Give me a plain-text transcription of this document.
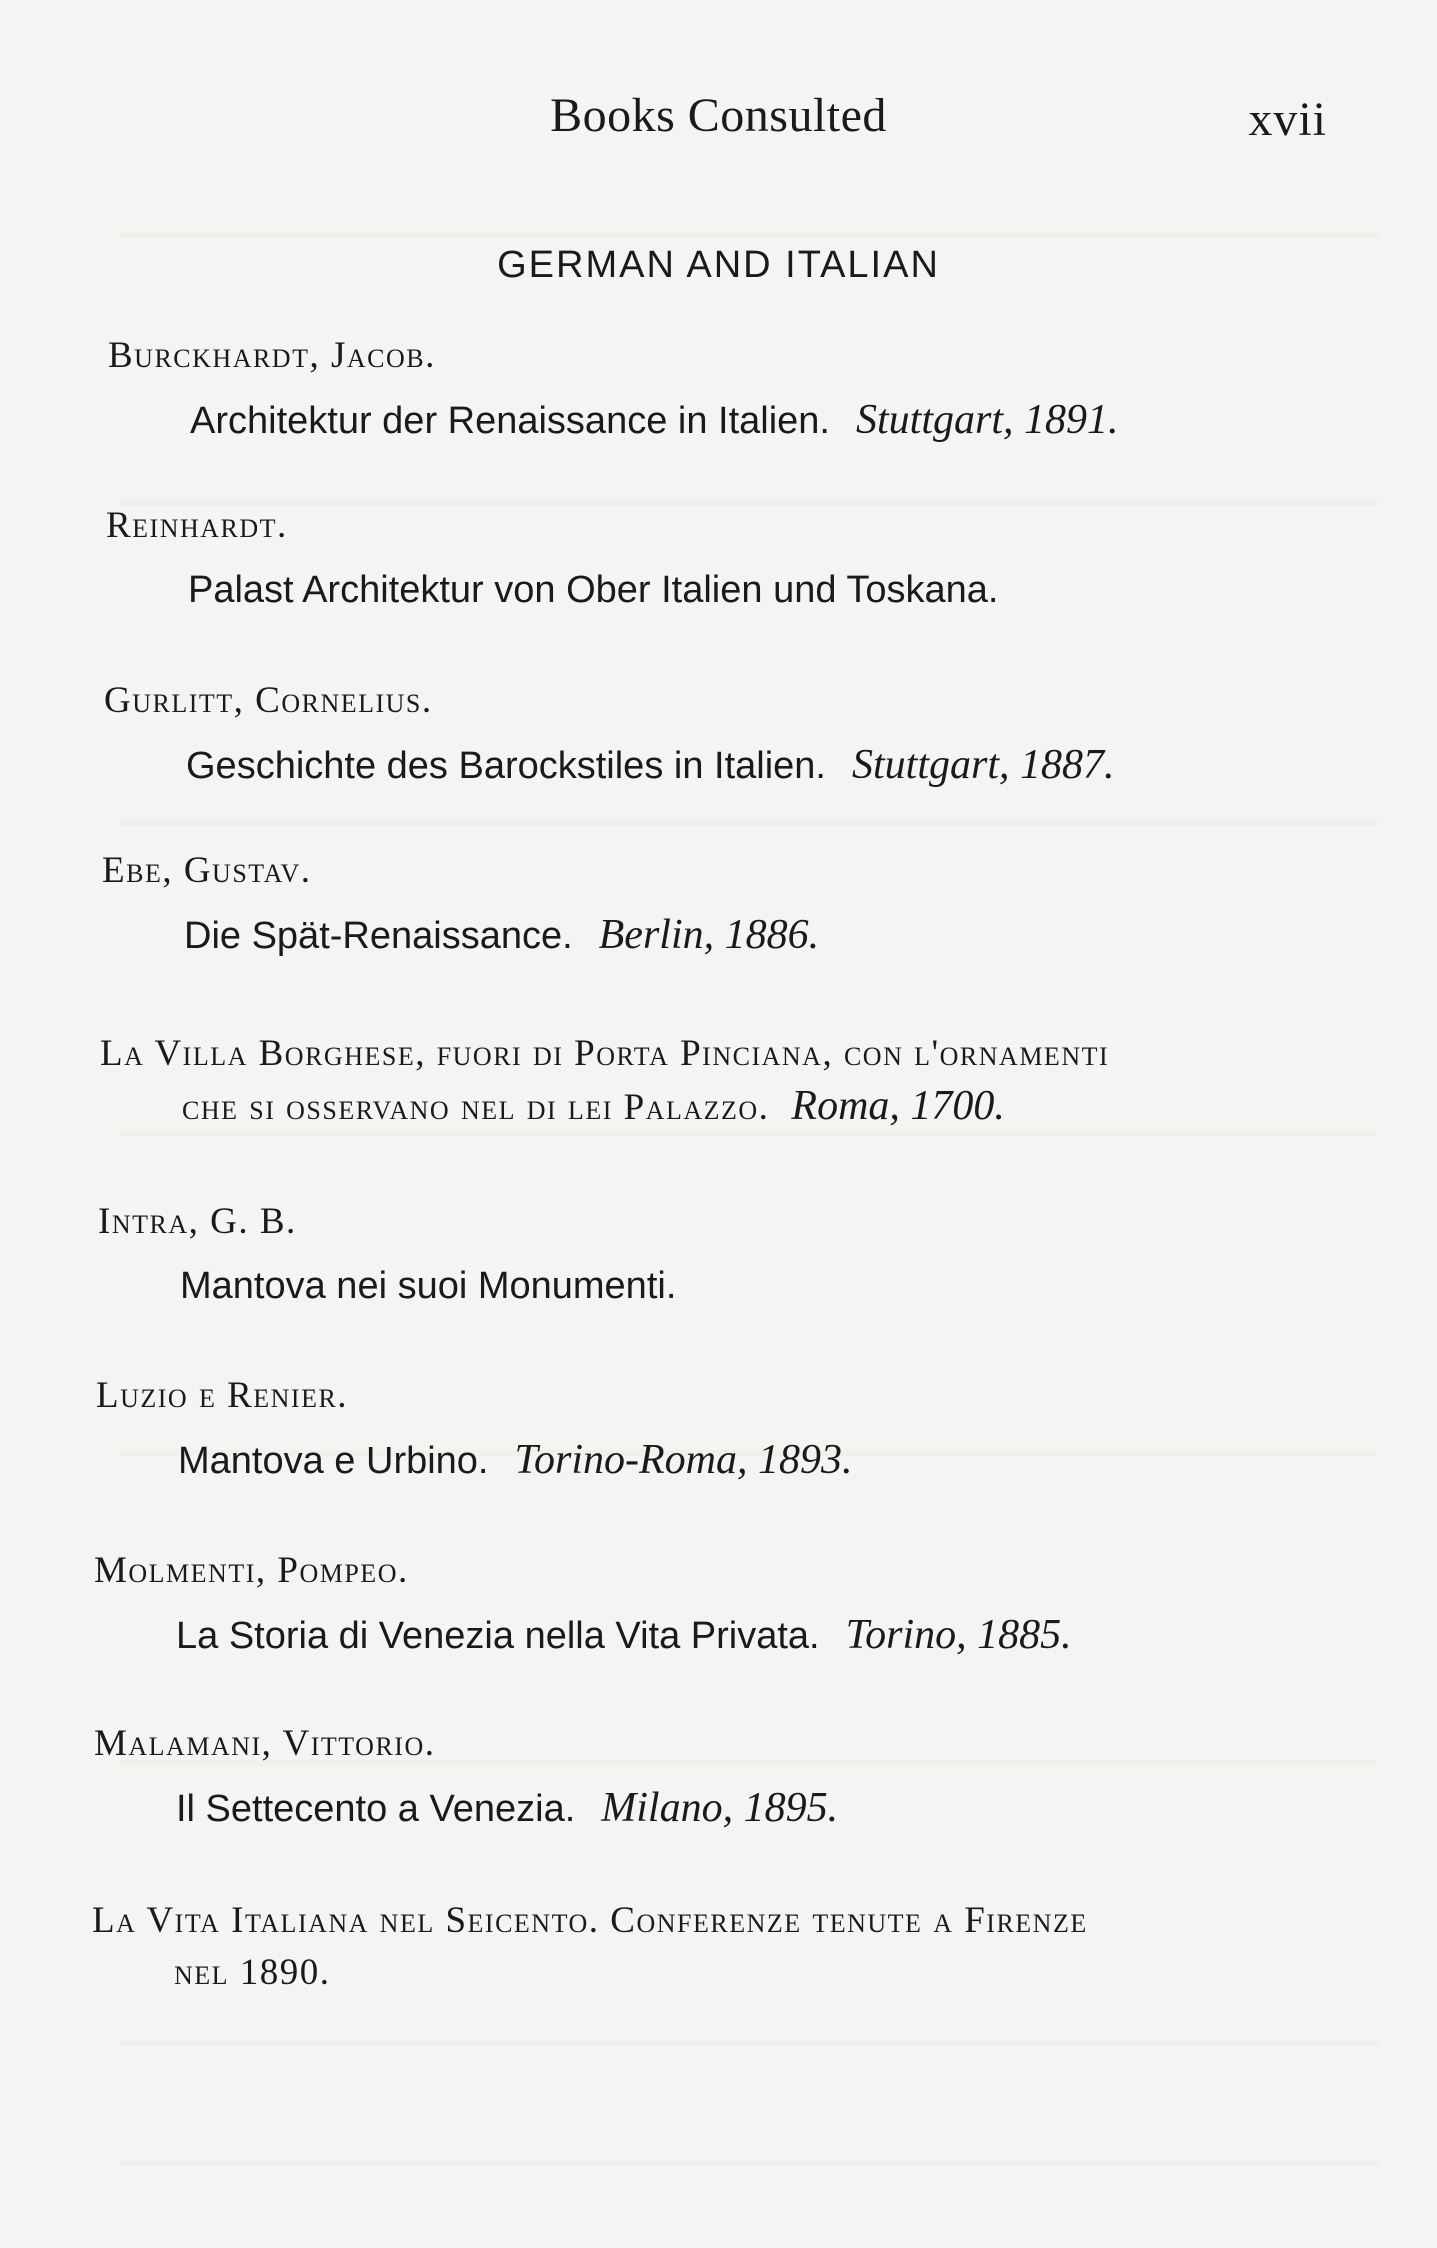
Books Consulted	xvii
GERMAN AND ITALIAN
Burckhardt, Jacob.
Architektur der Renaissance in Italien. Stuttgart, 1891.
Reinhardt.
Palast Architektur von Ober Italien und Toskana.
Gurlitt, Cornelius.
Geschichte des Barockstiles in Italien. Stuttgart, 1887.
Ebe, Gustav.
Die Spät-Renaissance. Berlin, 1886.
La Villa Borghese, fuori di Porta Pinciana, con l'ornamenti
che si osservano nel di lei Palazzo. Roma, 1700.
Intra, G. B.
Mantova nei suoi Monumenti.
Luzio e Renier.
Mantova e Urbino. Torino-Roma, 1893.
Molmenti, Pompeo.
La Storia di Venezia nella Vita Privata. Torino, 1885.
Malamani, Vittorio.
Il Settecento a Venezia. Milano, 1895.
La Vita Italiana nel Seicento. Conferenze tenute a Firenze
nel 1890.
